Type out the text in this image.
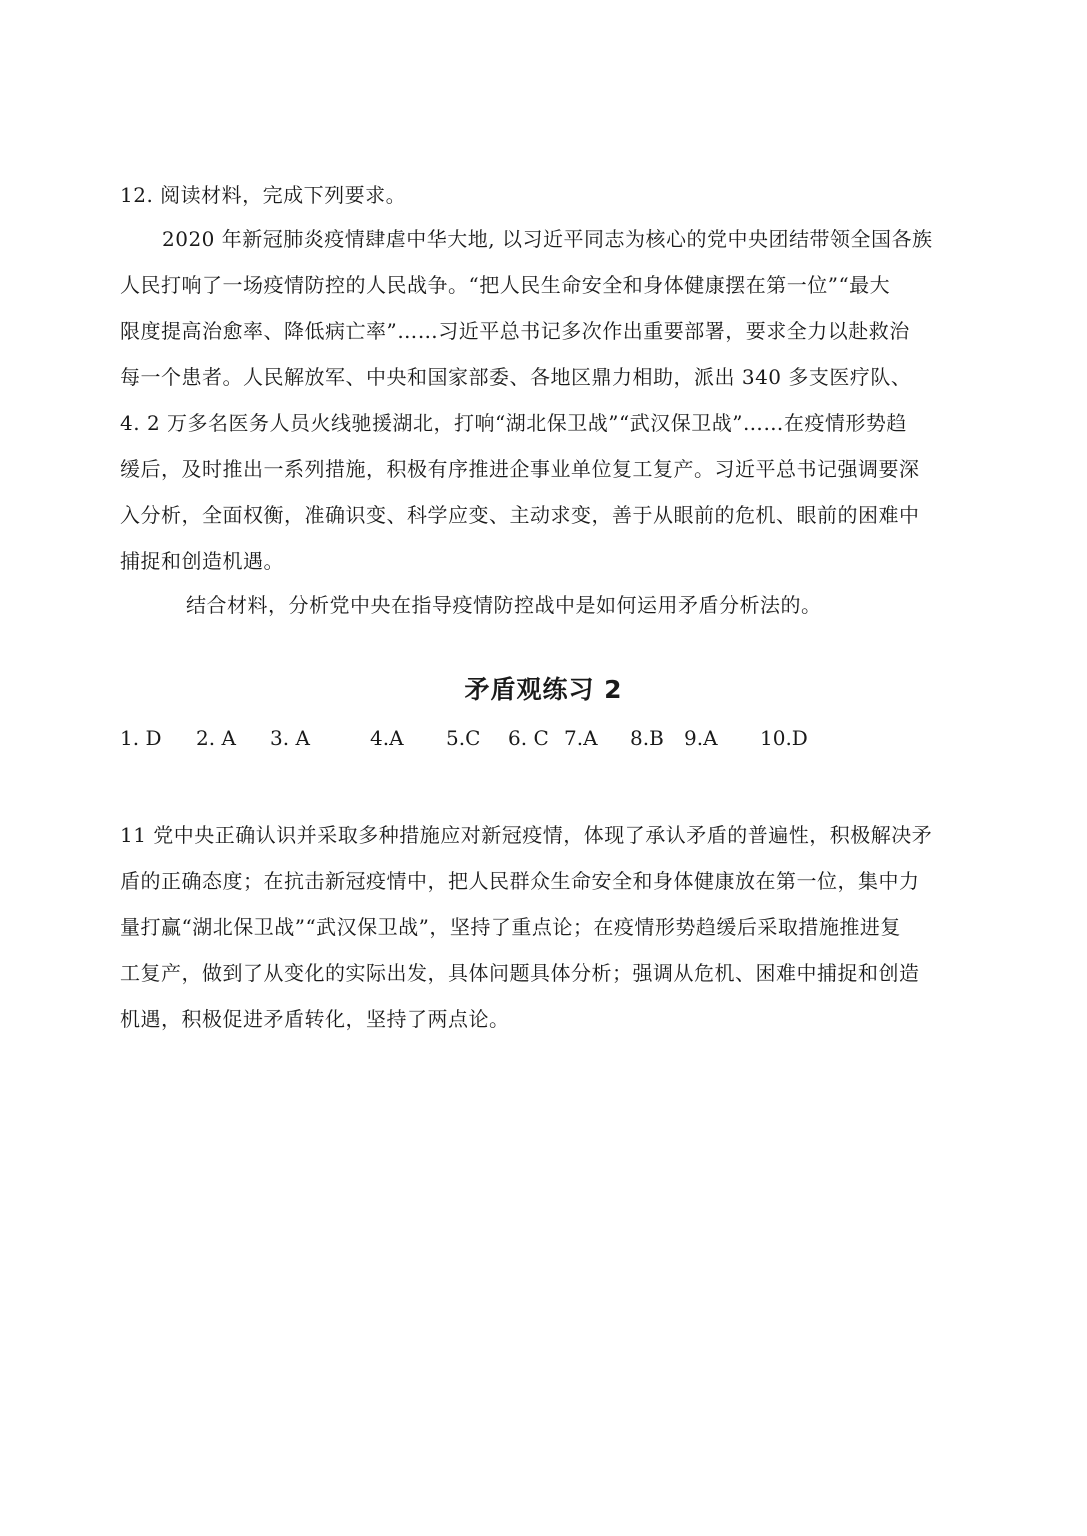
12. 阅读材料，完成下列要求。
2020 年新冠肺炎疫情肆虐中华大地, 以习近平同志为核心的党中央团结带领全国各族
人民打响了一场疫情防控的人民战争。“把人民生命安全和身体健康摆在第一位”“最大
限度提高治愈率、降低病亡率”……习近平总书记多次作出重要部署，要求全力以赴救治
每一个患者。人民解放军、中央和国家部委、各地区鼎力相助，派出 340 多支医疗队、
4. 2 万多名医务人员火线驰援湖北，打响“湖北保卫战”“武汉保卫战”……在疫情形势趋
缓后，及时推出一系列措施，积极有序推进企事业单位复工复产。习近平总书记强调要深
入分析，全面权衡，准确识变、科学应变、主动求变，善于从眼前的危机、眼前的困难中
捕捉和创造机遇。
结合材料，分析党中央在指导疫情防控战中是如何运用矛盾分析法的。
矛盾观练习 2
1. D 2. A 3. A	4.A 5.C 6. C 7.A 8.B 9.A 10.D
11 党中央正确认识并采取多种措施应对新冠疫情，体现了承认矛盾的普遍性，积极解决矛
盾的正确态度；在抗击新冠疫情中，把人民群众生命安全和身体健康放在第一位，集中力
量打赢“湖北保卫战”“武汉保卫战”，坚持了重点论；在疫情形势趋缓后采取措施推进复
工复产，做到了从变化的实际出发，具体问题具体分析；强调从危机、困难中捕捉和创造
机遇，积极促进矛盾转化，坚持了两点论。
